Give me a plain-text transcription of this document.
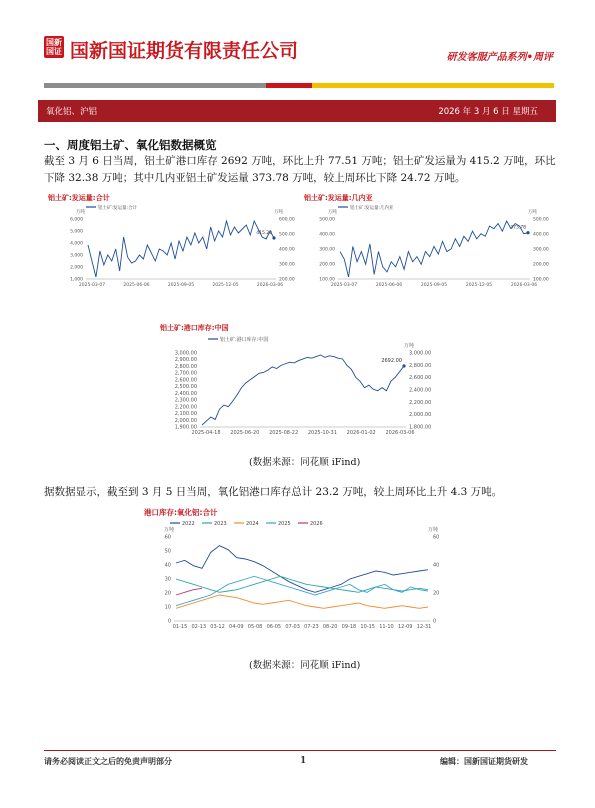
国新
国证 国新国证期货有限责任公司	研发客服产品系列•周评
氧化铝、沪铝	2026 年 3 月 6 日 星期五
一、周度铝土矿、氧化铝数据概览
截至 3 月 6 日当周，铝土矿港口库存 2692 万吨，环比上升 77.51 万吨；铝土矿发运量为 415.2 万吨，环比下降 32.38 万吨；其中几内亚铝土矿发运量 373.78 万吨，较上周环比下降 24.72 万吨。
铝土矿:发运量:合计
6,000
5,000
4,000
3,000
2,000
1,000
600.00
500.00
400.00
300.00
200.00
2025-03-07	2025-06-06	2025-09-05	2025-12-05	2026-03-06
万吨	万吨
415.20
铝土矿:发运量:合计
铝土矿:发运量:几内亚
500.00
400.00
300.00
200.00
100.00
500.00
400.00
300.00
200.00
100.00
2025-03-07	2025-06-06	2025-09-05	2025-12-05	2026-03-06
万吨	万吨
373.78
铝土矿:发运量:几内亚
铝土矿:港口库存:中国
3,000.00
2,900.00
2,800.00
2,700.00
2,600.00
2,500.00
2,400.00
2,300.00
2,200.00
2,100.00
2,000.00
1,900.00
3,000.00
2,800.00
2,600.00
2,400.00
2,200.00
2,000.00
1,800.00
2025-04-18 2025-06-20 2025-08-22 2025-10-31 2026-01-02 2026-03-06
万吨
2692.00
铝土矿:港口库存:中国
(数据来源：同花顺 iFind)
据数据显示，截至到 3 月 5 日当周，氧化铝港口库存总计 23.2 万吨，较上周环比上升 4.3 万吨。
港口库存:氧化铝:合计
60
50
40
30
20
10
0
60
40
20
0
01-15 02-13 03-12 04-09 05-08 06-05 07-03 07-23 08-20 09-18 10-15 11-10 12-09 12-31
万吨	万吨
2022	2023	2024	2025	2026
(数据来源：同花顺 iFind)
请务必阅读正文之后的免责声明部分	1	编辑：国新国证期货研发
